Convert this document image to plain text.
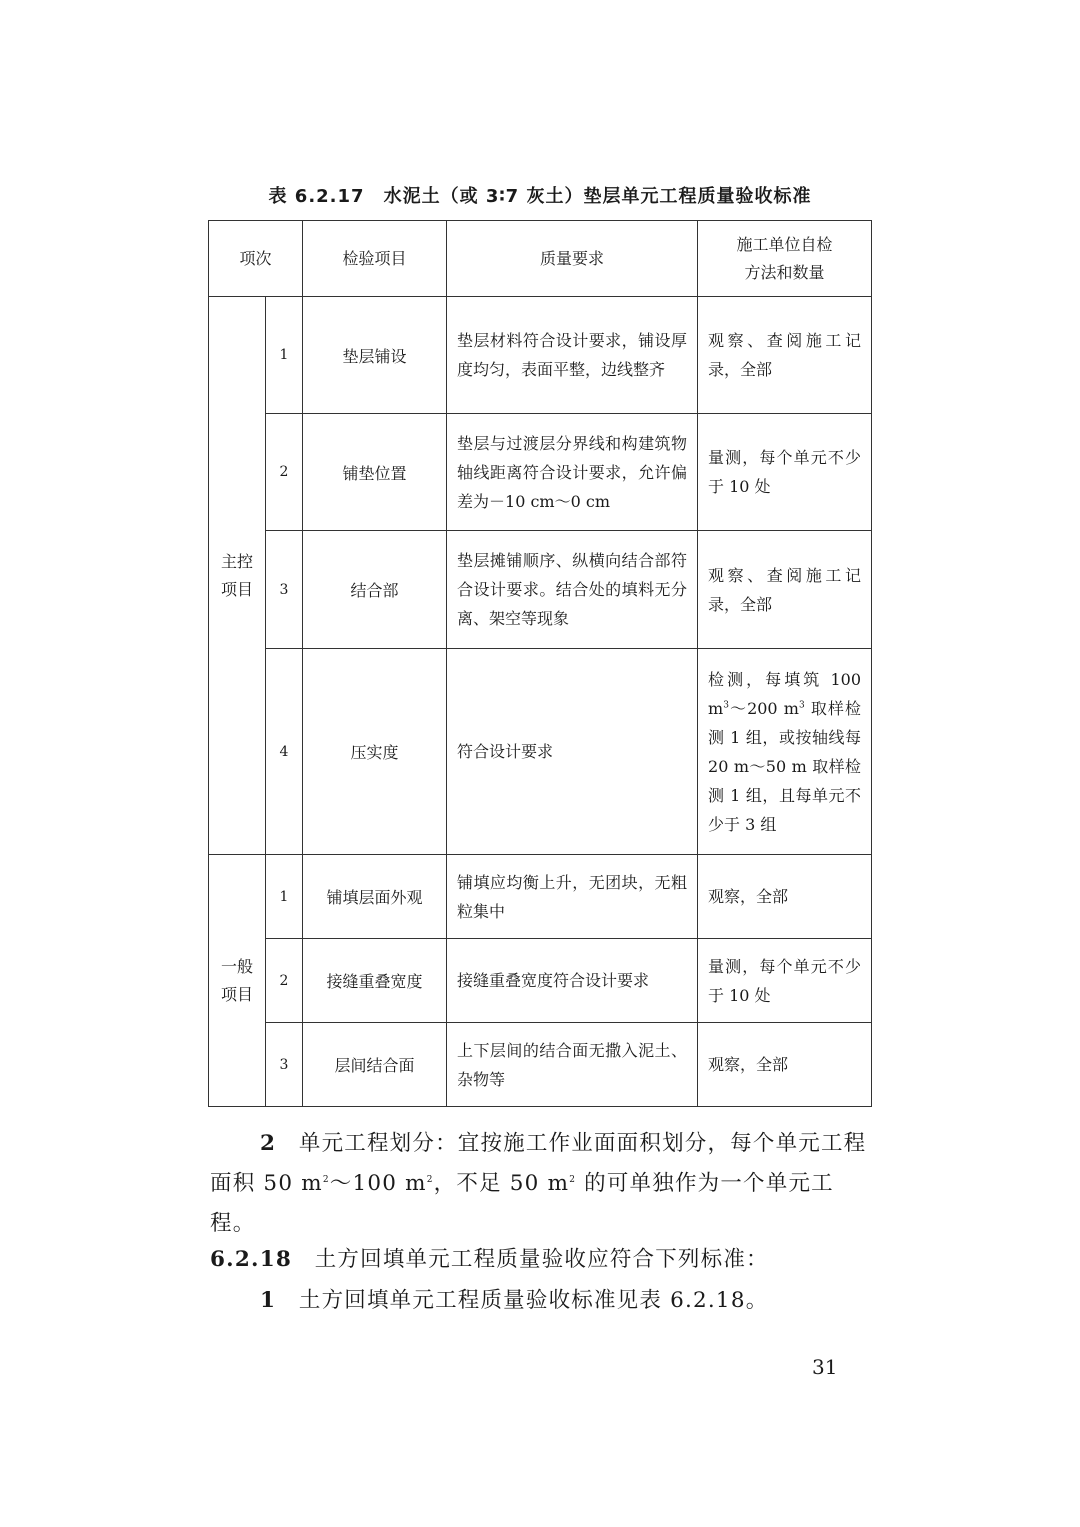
表 6.2.17　水泥土（或 3∶7 灰土）垫层单元工程质量验收标准
项次		检验项目	质量要求	施工单位自检
方法和数量

主控
项目	1	垫层铺设	垫层材料符合设计要求，铺设厚度均匀，表面平整，边线整齐	观察、查阅施工记录，全部
	2	铺垫位置	垫层与过渡层分界线和构建筑物轴线距离符合设计要求，允许偏差为－10 cm～0 cm	量测，每个单元不少于 10 处
	3	结合部	垫层摊铺顺序、纵横向结合部符合设计要求。结合处的填料无分离、架空等现象	观察、查阅施工记录，全部
	4	压实度	符合设计要求	检测，每填筑 100 $m^3\sim 200$ $m^3$ 取样检测 1 组，或按轴线每 20 m～50 m 取样检测 1 组，且每单元不少于 3 组

一般
项目	1	铺填层面外观	铺填应均衡上升，无团块，无粗粒集中	观察，全部
	2	接缝重叠宽度	接缝重叠宽度符合设计要求	量测，每个单元不少于 10 处
	3	层间结合面	上下层间的结合面无撒入泥土、杂物等	观察，全部
2　 单元工程划分：宜按施工作业面面积划分，每个单元工程面积 50 $m^2\sim 100$ $m^2$，不足 50 $m^2$ 的可单独作为一个单元工程。
6.2.18　 土方回填单元工程质量验收应符合下列标准：
1　 土方回填单元工程质量验收标准见表 6.2.18。
31
